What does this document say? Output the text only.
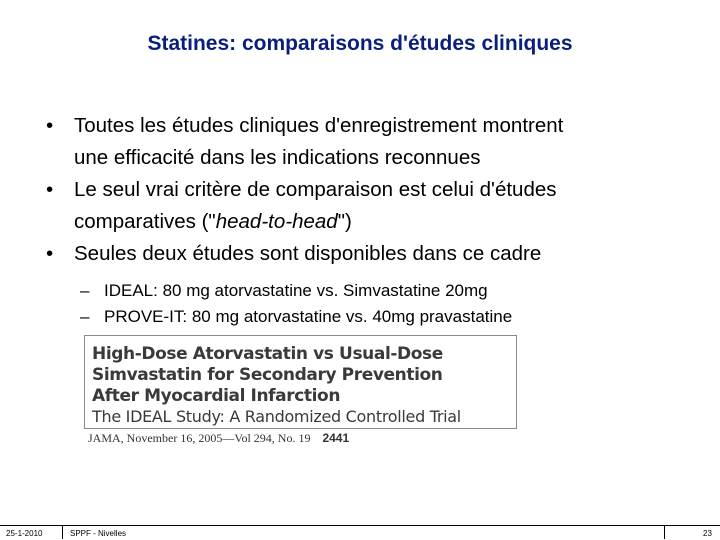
Statines: comparaisons d'études cliniques
• Toutes les études cliniques d'enregistrement montrent
une efficacité dans les indications reconnues
• Le seul vrai critère de comparaison est celui d'études
comparatives ("head-to-head")
• Seules deux études sont disponibles dans ce cadre
– IDEAL: 80 mg atorvastatine vs. Simvastatine 20mg
– PROVE-IT: 80 mg atorvastatine vs. 40mg pravastatine
High-Dose Atorvastatin vs Usual-Dose
Simvastatin for Secondary Prevention
After Myocardial Infarction
The IDEAL Study: A Randomized Controlled Trial
JAMA, November 16, 2005—Vol 294, No. 19 2441
25-1-2010	SPPF - Nivelles	23
